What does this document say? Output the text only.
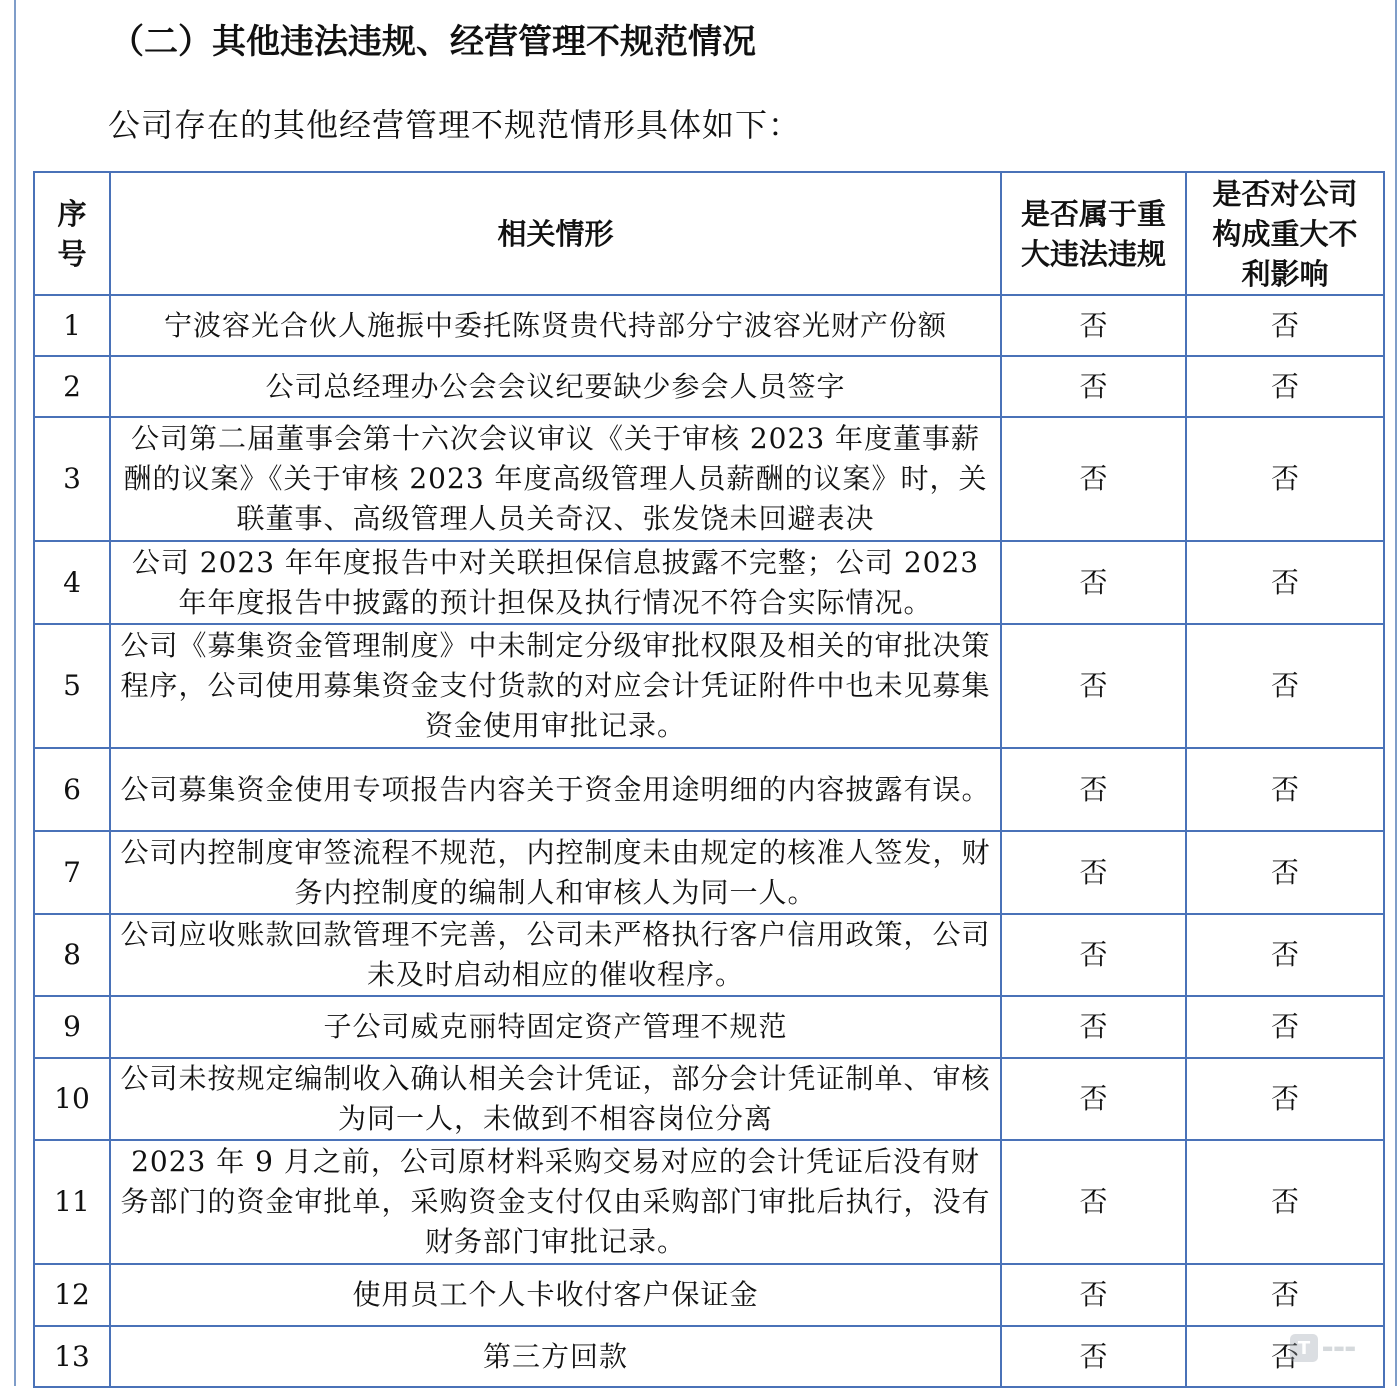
（二）其他违法违规、经营管理不规范情况
公司存在的其他经营管理不规范情形具体如下：
序号	相关情形	是否属于重大违法违规	是否对公司构成重大不利影响
1	宁波容光合伙人施振中委托陈贤贵代持部分宁波容光财产份额	否	否
2	公司总经理办公会会议纪要缺少参会人员签字	否	否
3	公司第二届董事会第十六次会议审议《关于审核 2023 年度董事薪酬的议案》《关于审核 2023 年度高级管理人员薪酬的议案》时，关联董事、高级管理人员关奇汉、张发饶未回避表决	否	否
4	公司 2023 年年度报告中对关联担保信息披露不完整；公司 2023 年年度报告中披露的预计担保及执行情况不符合实际情况。	否	否
5	公司《募集资金管理制度》中未制定分级审批权限及相关的审批决策程序，公司使用募集资金支付货款的对应会计凭证附件中也未见募集资金使用审批记录。	否	否
6	公司募集资金使用专项报告内容关于资金用途明细的内容披露有误。	否	否
7	公司内控制度审签流程不规范，内控制度未由规定的核准人签发，财务内控制度的编制人和审核人为同一人。	否	否
8	公司应收账款回款管理不完善，公司未严格执行客户信用政策，公司未及时启动相应的催收程序。	否	否
9	子公司威克丽特固定资产管理不规范	否	否
10	公司未按规定编制收入确认相关会计凭证，部分会计凭证制单、审核为同一人，未做到不相容岗位分离	否	否
11	2023 年 9 月之前，公司原材料采购交易对应的会计凭证后没有财务部门的资金审批单，采购资金支付仅由采购部门审批后执行，没有财务部门审批记录。	否	否
12	使用员工个人卡收付客户保证金	否	否
13	第三方回款	否	否
T ▬▬▬
